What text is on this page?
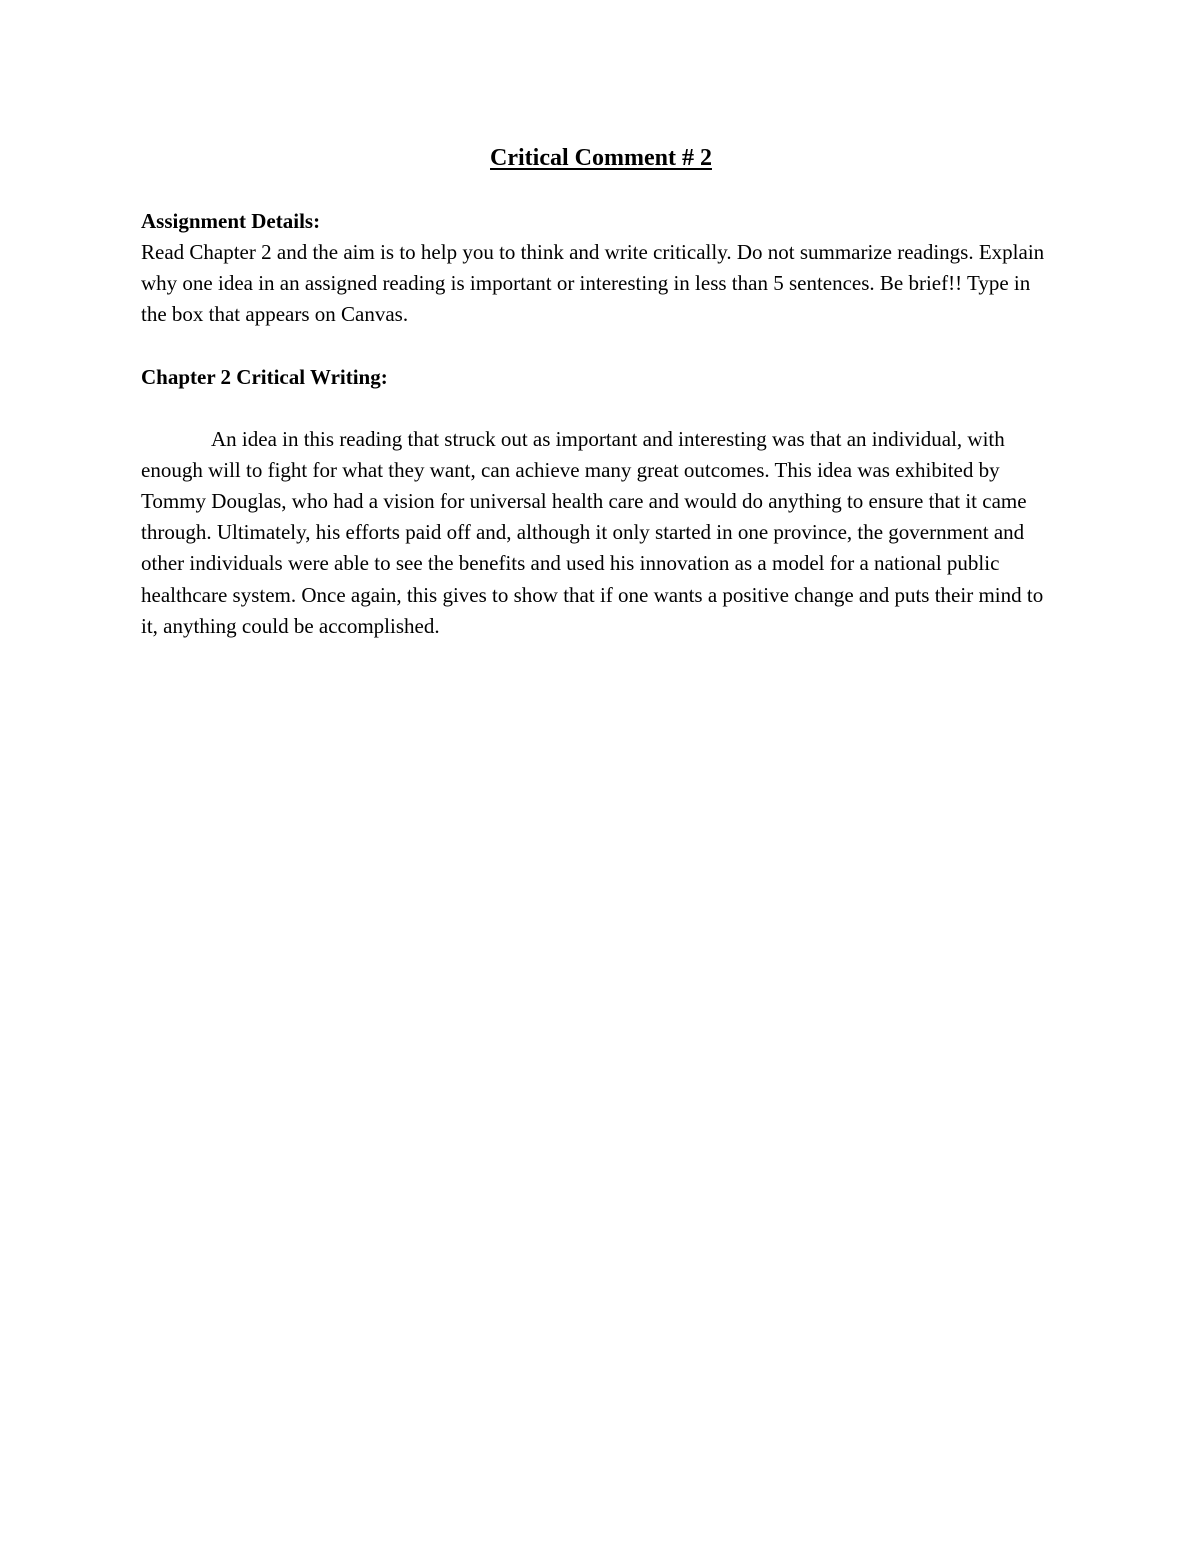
Critical Comment # 2
Assignment Details:

Read Chapter 2 and the aim is to help you to think and write critically. Do not summarize readings. Explain why one idea in an assigned reading is important or interesting in less than 5 sentences. Be brief!! Type in the box that appears on Canvas.

Chapter 2 Critical Writing:

An idea in this reading that struck out as important and interesting was that an individual, with enough will to fight for what they want, can achieve many great outcomes. This idea was exhibited by Tommy Douglas, who had a vision for universal health care and would do anything to ensure that it came through. Ultimately, his efforts paid off and, although it only started in one province, the government and other individuals were able to see the benefits and used his innovation as a model for a national public healthcare system. Once again, this gives to show that if one wants a positive change and puts their mind to it, anything could be accomplished.
